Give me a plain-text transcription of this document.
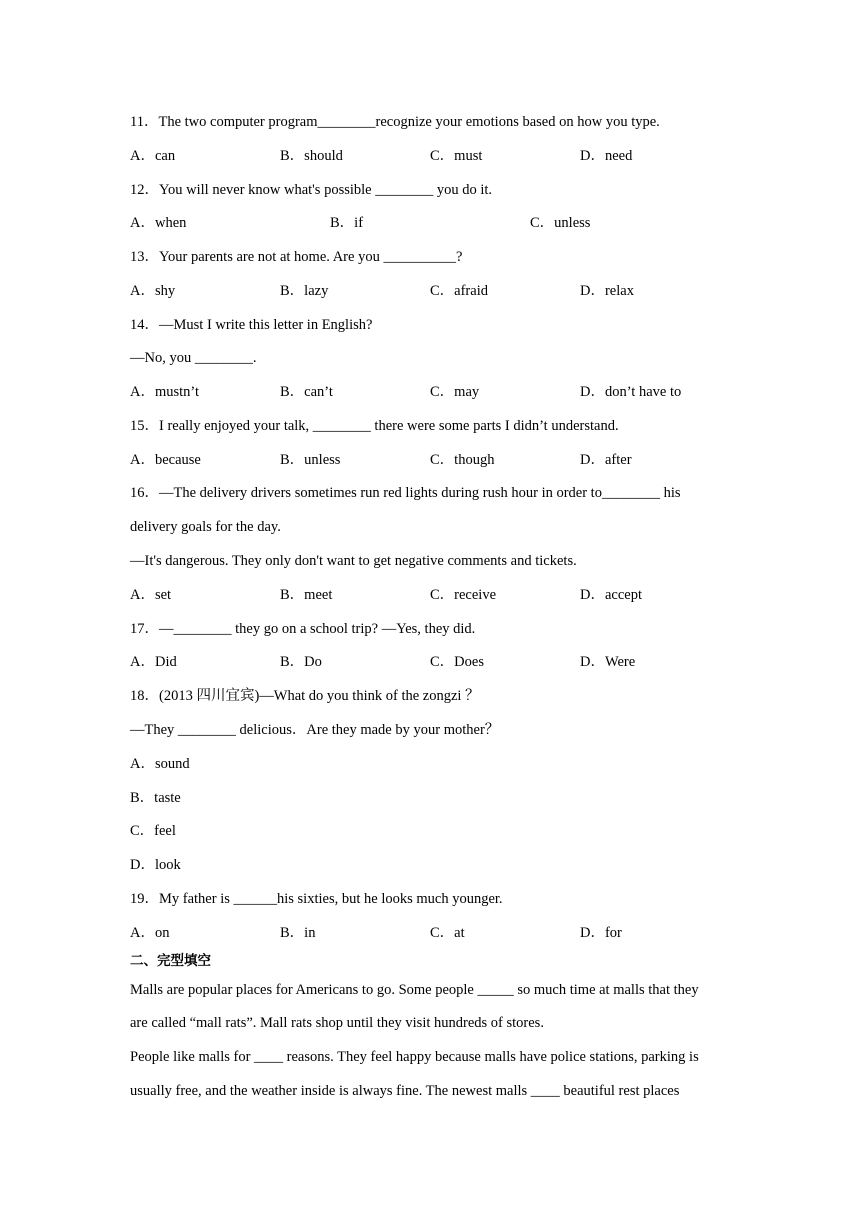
11．The two computer program________recognize your emotions based on how you type.
A．can	B．should	C．must	D．need
12．You will never know what's possible ________ you do it.
A．when	B．if	C．unless
13．Your parents are not at home. Are you __________?
A．shy	B．lazy	C．afraid	D．relax
14．—Must I write this letter in English?
—No, you ________.
A．mustn’t	B．can’t	C．may	D．don’t have to
15．I really enjoyed your talk, ________ there were some parts I didn’t understand.
A．because	B．unless	C．though	D．after
16．—The delivery drivers sometimes run red lights during rush hour in order to________ his
delivery goals for the day.
—It's dangerous. They only don't want to get negative comments and tickets.
A．set	B．meet	C．receive	D．accept
17．—________ they go on a school trip? —Yes, they did.
A．Did	B．Do	C．Does	D．Were
18．(2013 四川宜宾)—What do you think of the zongzi ？
—They ________ delicious．Are they made by your mother？
A．sound
B．taste
C．feel
D．look
19．My father is ______his sixties, but he looks much younger.
A．on	B．in	C．at	D．for
二、完型填空
Malls are popular places for Americans to go. Some people _____ so much time at malls that they
are called “mall rats”. Mall rats shop until they visit hundreds of stores.
People like malls for ____ reasons. They feel happy because malls have police stations, parking is
usually free, and the weather inside is always fine. The newest malls ____ beautiful rest places
